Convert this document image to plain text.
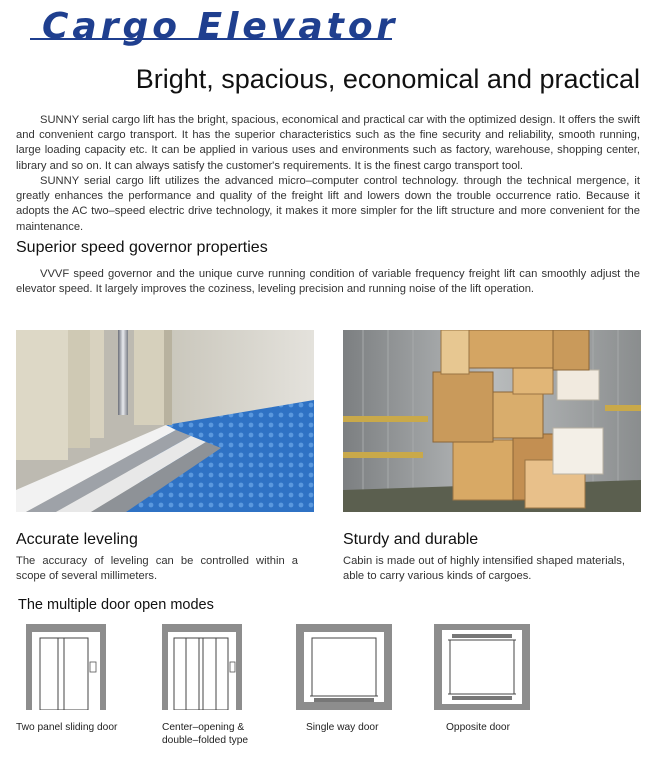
Cargo Elevator
Bright, spacious, economical and practical

SUNNY serial cargo lift has the bright, spacious, economical and practical car with the optimized design. It offers the swift and convenient cargo transport. It has the superior characteristics such as the fine security and reliability, smooth running, large loading capacity etc. It can be applied in various uses and environments such as factory, warehouse, shopping center, library and so on. It can always satisfy the customer's requirements. It is the finest cargo transport tool.

SUNNY serial cargo lift utilizes the advanced micro–computer control technology. through the technical mergence, it greatly enhances the performance and quality of the freight lift and lowers down the trouble occurrence ratio. Because it adopts the AC two–speed electric drive technology, it makes it more simpler for the lift structure and more convenient for the maintenance.

Superior speed governor properties

VVVF speed governor and the unique curve running condition of variable frequency freight lift can smoothly adjust the elevator speed. It largely improves the coziness, leveling precision and running noise of the lift operation.

Accurate leveling

The accuracy of leveling can be controlled within a scope of several millimeters.

Sturdy and durable

Cabin is made out of highly intensified shaped materials, able to carry various kinds of cargoes.

The multiple door open modes

Two panel sliding door	Center–opening &

double–folded type

Single way door	Opposite door
